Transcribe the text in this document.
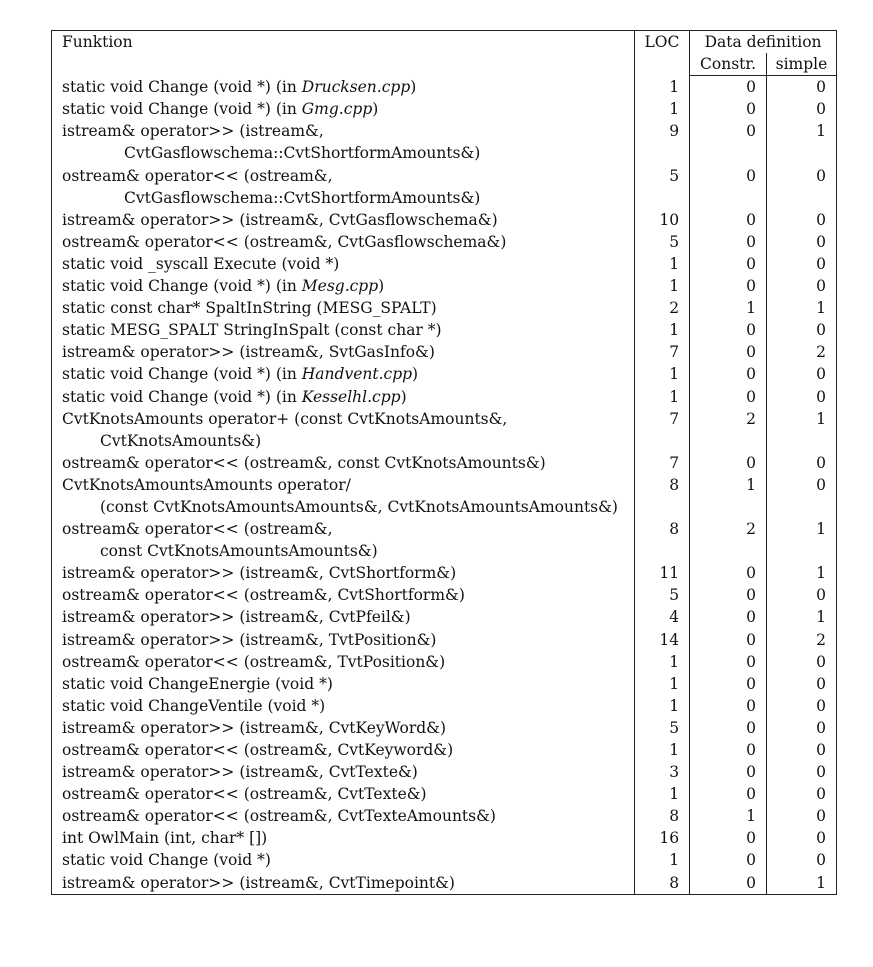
Funktion	LOC	Data definition	
		Constr.	simple
static void Change (void *) (in Drucksen.cpp)	1	0	0
static void Change (void *) (in Gmg.cpp)	1	0	0
istream& operator>> (istream&,
CvtGasflowschema::CvtShortformAmounts&)	9	0	1
ostream& operator<< (ostream&,
CvtGasflowschema::CvtShortformAmounts&)	5	0	0
istream& operator>> (istream&, CvtGasflowschema&)	10	0	0
ostream& operator<< (ostream&, CvtGasflowschema&)	5	0	0
static void _syscall Execute (void *)	1	0	0
static void Change (void *) (in Mesg.cpp)	1	0	0
static const char* SpaltInString (MESG_SPALT)	2	1	1
static MESG_SPALT StringInSpalt (const char *)	1	0	0
istream& operator>> (istream&, SvtGasInfo&)	7	0	2
static void Change (void *) (in Handvent.cpp)	1	0	0
static void Change (void *) (in Kesselhl.cpp)	1	0	0
CvtKnotsAmounts operator+ (const CvtKnotsAmounts&,
CvtKnotsAmounts&)	7	2	1
ostream& operator<< (ostream&, const CvtKnotsAmounts&)	7	0	0
CvtKnotsAmountsAmounts operator/
(const CvtKnotsAmountsAmounts&, CvtKnotsAmountsAmounts&)	8	1	0
ostream& operator<< (ostream&,
const CvtKnotsAmountsAmounts&)	8	2	1
istream& operator>> (istream&, CvtShortform&)	11	0	1
ostream& operator<< (ostream&, CvtShortform&)	5	0	0
istream& operator>> (istream&, CvtPfeil&)	4	0	1
istream& operator>> (istream&, TvtPosition&)	14	0	2
ostream& operator<< (ostream&, TvtPosition&)	1	0	0
static void ChangeEnergie (void *)	1	0	0
static void ChangeVentile (void *)	1	0	0
istream& operator>> (istream&, CvtKeyWord&)	5	0	0
ostream& operator<< (ostream&, CvtKeyword&)	1	0	0
istream& operator>> (istream&, CvtTexte&)	3	0	0
ostream& operator<< (ostream&, CvtTexte&)	1	0	0
ostream& operator<< (ostream&, CvtTexteAmounts&)	8	1	0
int OwlMain (int, char* [])	16	0	0
static void Change (void *)	1	0	0
istream& operator>> (istream&, CvtTimepoint&)	8	0	1
